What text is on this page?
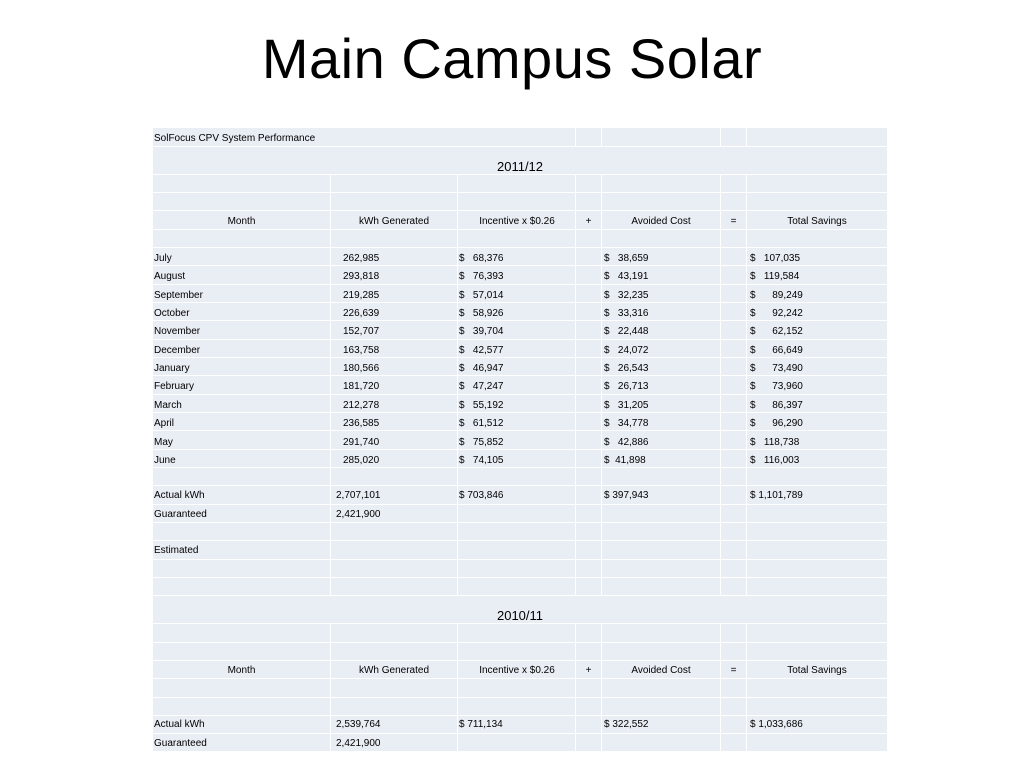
Main Campus Solar
SolFocus CPV System Performance
2011/12
Month	kWh Generated	Incentive x $0.26	+	Avoided Cost	=	Total Savings
July	262,985	$   68,376	$   38,659	$   107,035
August	293,818	$   76,393	$   43,191	$   119,584
September	219,285	$   57,014	$   32,235	$      89,249
October	226,639	$   58,926	$   33,316	$      92,242
November	152,707	$   39,704	$   22,448	$      62,152
December	163,758	$   42,577	$   24,072	$      66,649
January	180,566	$   46,947	$   26,543	$      73,490
February	181,720	$   47,247	$   26,713	$      73,960
March	212,278	$   55,192	$   31,205	$      86,397
April	236,585	$   61,512	$   34,778	$      96,290
May	291,740	$   75,852	$   42,886	$   118,738
June	285,020	$   74,105	$  41,898	$   116,003
Actual kWh	2,707,101	$ 703,846	$ 397,943	$ 1,101,789
Guaranteed	2,421,900
Estimated
2010/11
Month	kWh Generated	Incentive x $0.26	+	Avoided Cost	=	Total Savings
Actual kWh	2,539,764	$ 711,134	$ 322,552	$ 1,033,686
Guaranteed	2,421,900
